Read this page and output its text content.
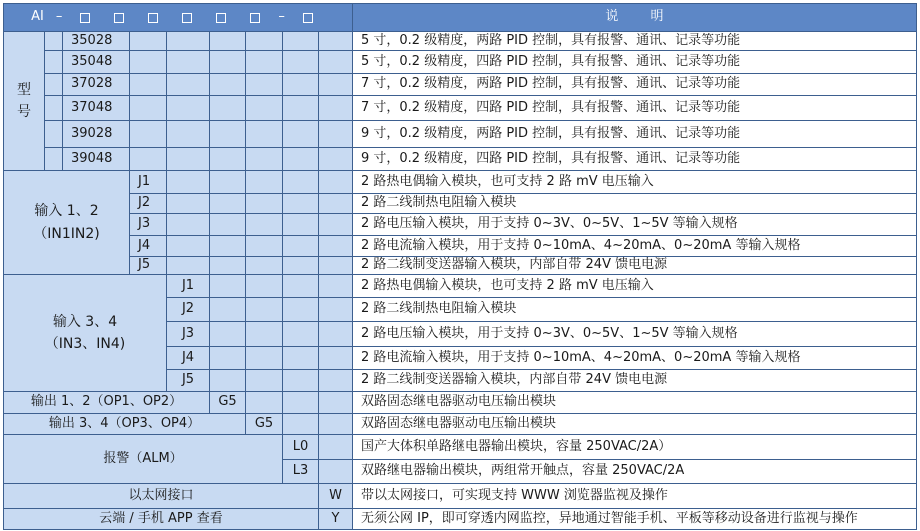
AI –	–	说 明
型
号
35028	5 寸，0.2 级精度，两路 PID 控制，具有报警、通讯、记录等功能
35048	5 寸，0.2 级精度，四路 PID 控制，具有报警、通讯、记录等功能
37028	7 寸，0.2 级精度，两路 PID 控制，具有报警、通讯、记录等功能
37048	7 寸，0.2 级精度，四路 PID 控制，具有报警、通讯、记录等功能
39028	9 寸，0.2 级精度，两路 PID 控制，具有报警、通讯、记录等功能
39048	9 寸，0.2 级精度，四路 PID 控制，具有报警、通讯、记录等功能
输入 1、2
（IN1IN2)
J1	2 路热电偶输入模块，也可支持 2 路 mV 电压输入
J2	2 路二线制热电阻输入模块
J3	2 路电压输入模块，用于支持 0~3V、0~5V、1~5V 等输入规格
J4	2 路电流输入模块，用于支持 0~10mA、4~20mA、0~20mA 等输入规格
J5	2 路二线制变送器输入模块，内部自带 24V 馈电电源
输入 3、4
（IN3、IN4)
J1	2 路热电偶输入模块，也可支持 2 路 mV 电压输入
J2	2 路二线制热电阻输入模块
J3	2 路电压输入模块，用于支持 0~3V、0~5V、1~5V 等输入规格
J4	2 路电流输入模块，用于支持 0~10mA、4~20mA、0~20mA 等输入规格
J5	2 路二线制变送器输入模块，内部自带 24V 馈电电源
输出 1、2（OP1、OP2）	G5	双路固态继电器驱动电压输出模块
输出 3、4（OP3、OP4）	G5	双路固态继电器驱动电压输出模块
报警（ALM）
L0	国产大体积单路继电器输出模块，容量 250VAC/2A）
L3	双路继电器输出模块，两组常开触点，容量 250VAC/2A
以太网接口	W	带以太网接口，可实现支持 WWW 浏览器监视及操作
云端 / 手机 APP 查看	Y	无须公网 IP，即可穿透内网监控，异地通过智能手机、平板等移动设备进行监视与操作
